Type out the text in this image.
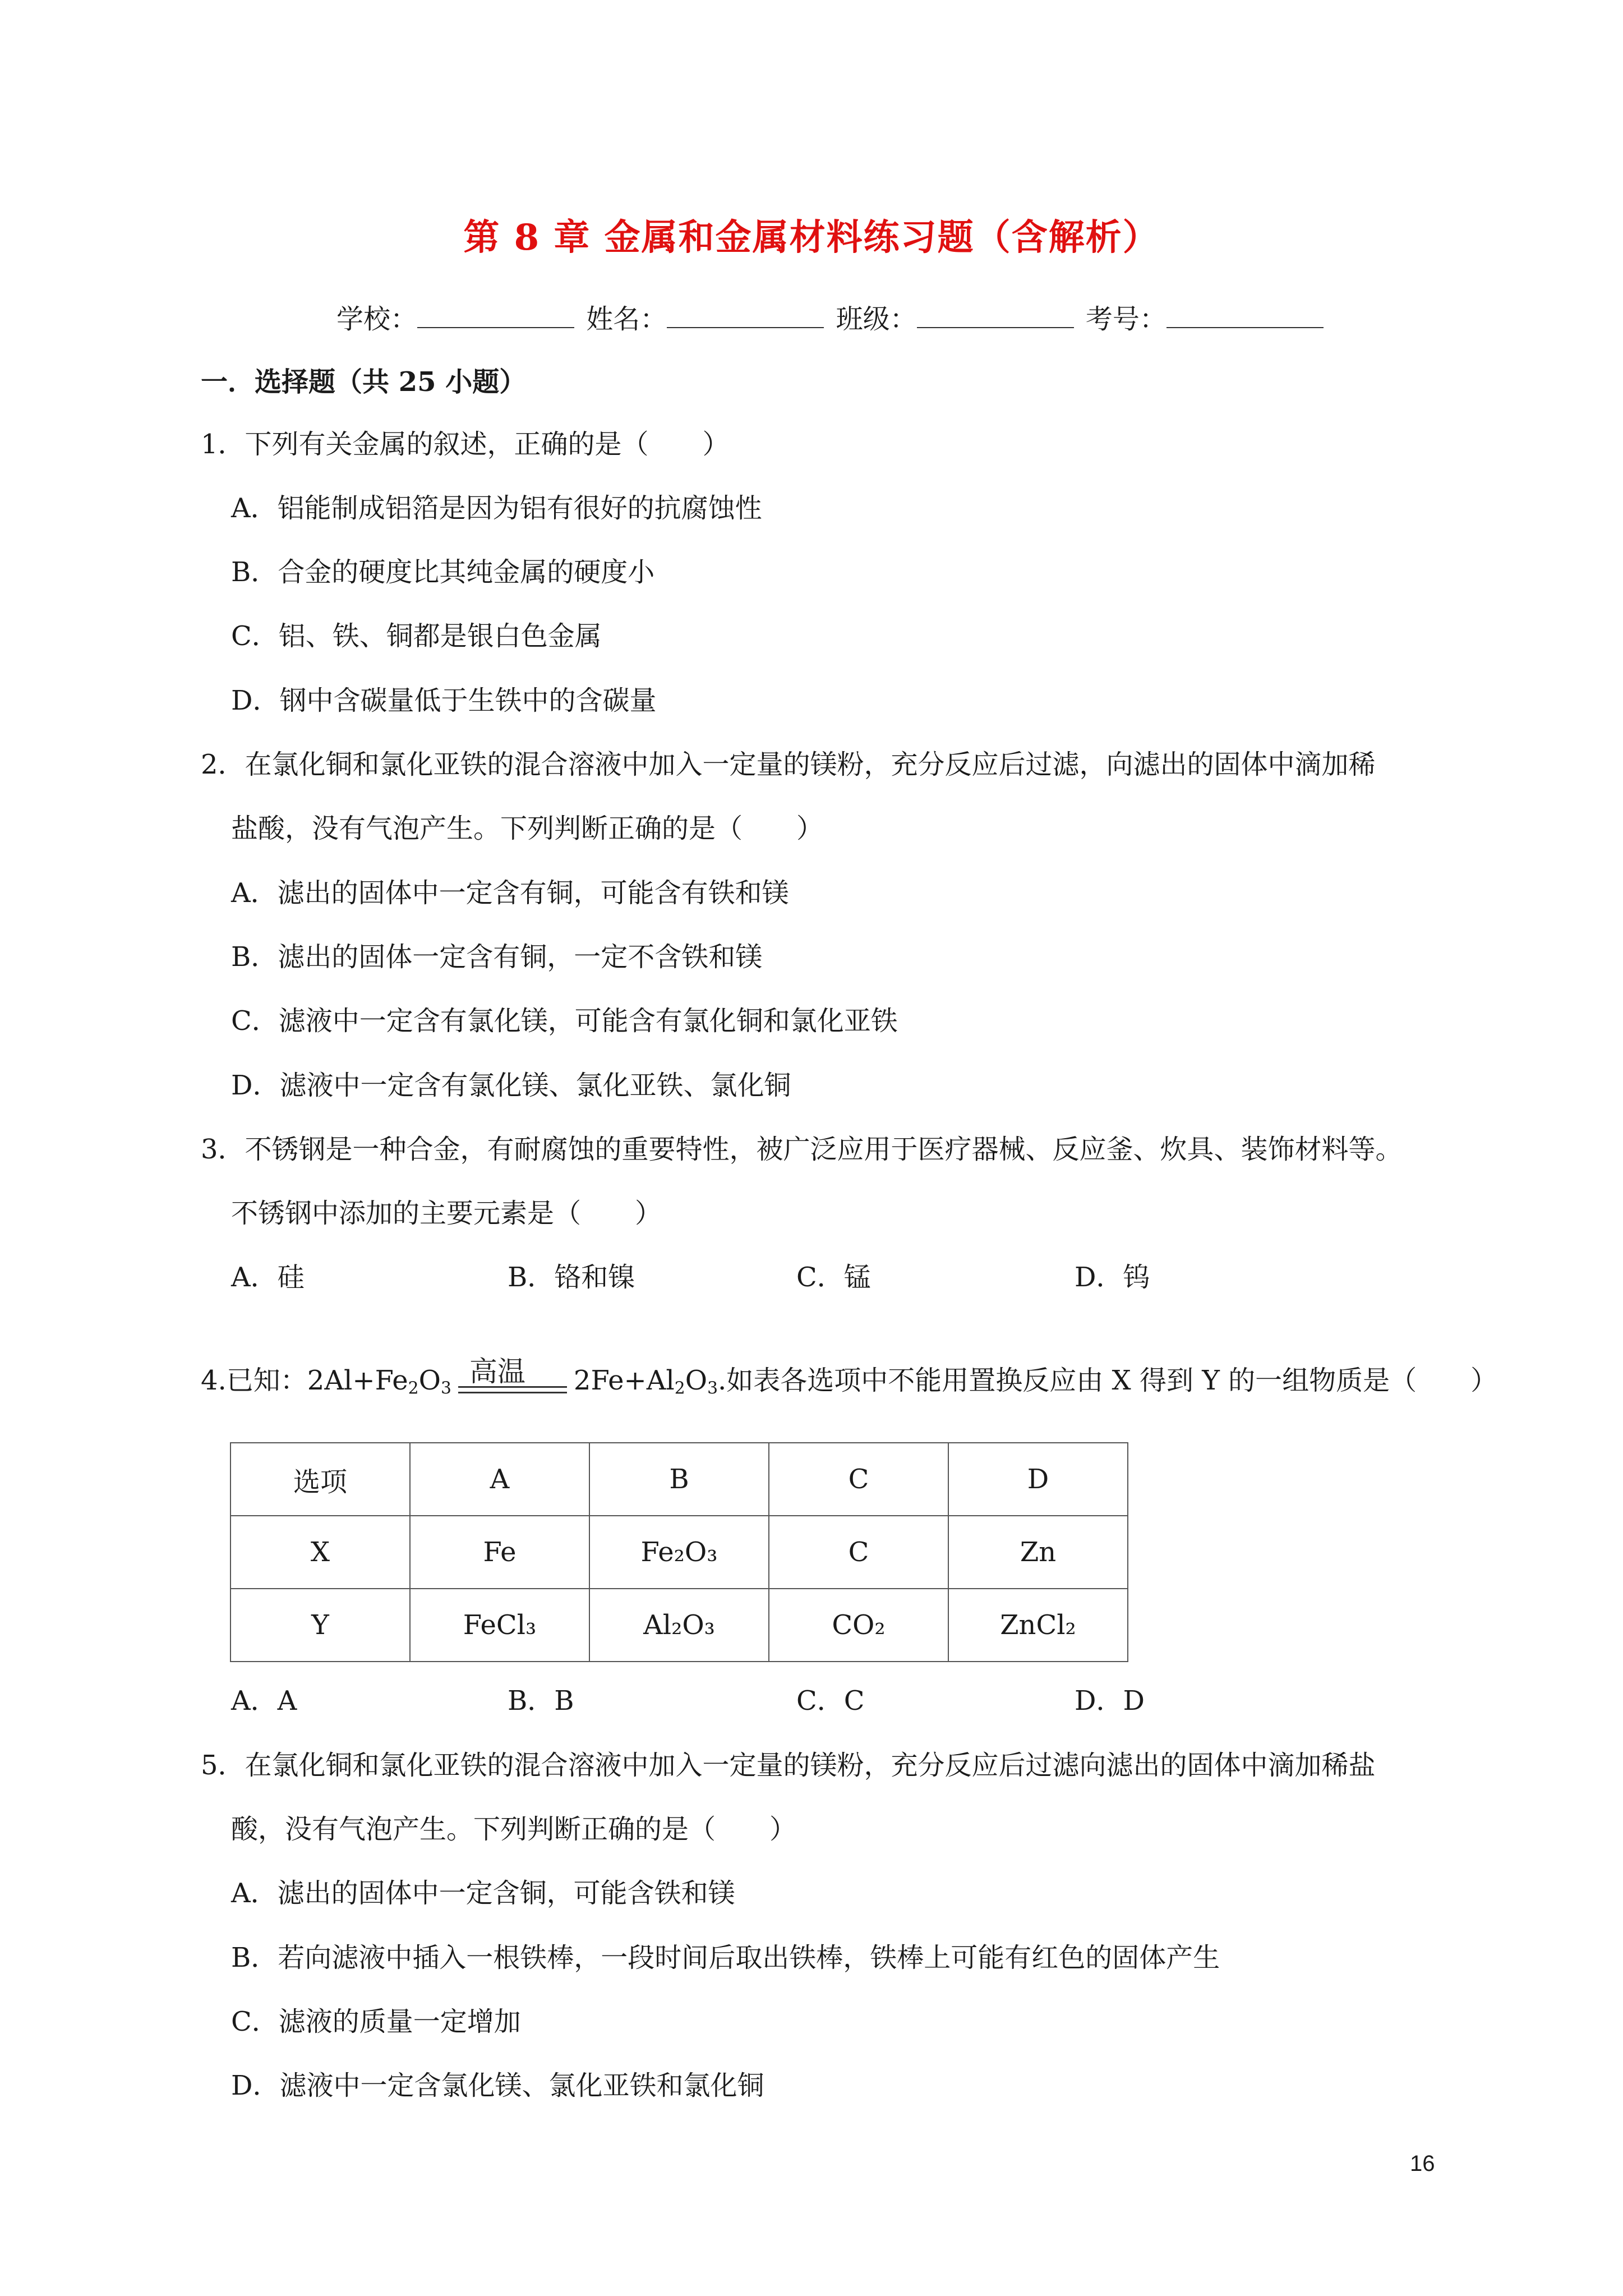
第 8 章 金属和金属材料练习题（含解析）
学校：	姓名：	班级：	考号：
一．选择题（共 25 小题）
1．下列有关金属的叙述，正确的是（　　）
A．铝能制成铝箔是因为铝有很好的抗腐蚀性
B．合金的硬度比其纯金属的硬度小
C．铝、铁、铜都是银白色金属
D．钢中含碳量低于生铁中的含碳量
2．在氯化铜和氯化亚铁的混合溶液中加入一定量的镁粉，充分反应后过滤，向滤出的固体中滴加稀
盐酸，没有气泡产生。下列判断正确的是（　　）
A．滤出的固体中一定含有铜，可能含有铁和镁
B．滤出的固体一定含有铜，一定不含铁和镁
C．滤液中一定含有氯化镁，可能含有氯化铜和氯化亚铁
D．滤液中一定含有氯化镁、氯化亚铁、氯化铜
3．不锈钢是一种合金，有耐腐蚀的重要特性，被广泛应用于医疗器械、反应釜、炊具、装饰材料等。
不锈钢中添加的主要元素是（　　）
A．硅	B．铬和镍	C．锰	D．钨
4.已知：$2Al+Fe_2O_3$
高温 $2Fe+Al_2O_3$.如表各选项中不能用置换反应由 X 得到 Y 的一组物质是（　　）
选项	A	B	C	D
X	Fe	Fe₂O₃	C	Zn
Y	FeCl₃	Al₂O₃	CO₂	ZnCl₂
A．A	B．B	C．C	D．D
5．在氯化铜和氯化亚铁的混合溶液中加入一定量的镁粉，充分反应后过滤向滤出的固体中滴加稀盐
酸，没有气泡产生。下列判断正确的是（　　）
A．滤出的固体中一定含铜，可能含铁和镁
B．若向滤液中插入一根铁棒，一段时间后取出铁棒，铁棒上可能有红色的固体产生
C．滤液的质量一定增加
D．滤液中一定含氯化镁、氯化亚铁和氯化铜
16
